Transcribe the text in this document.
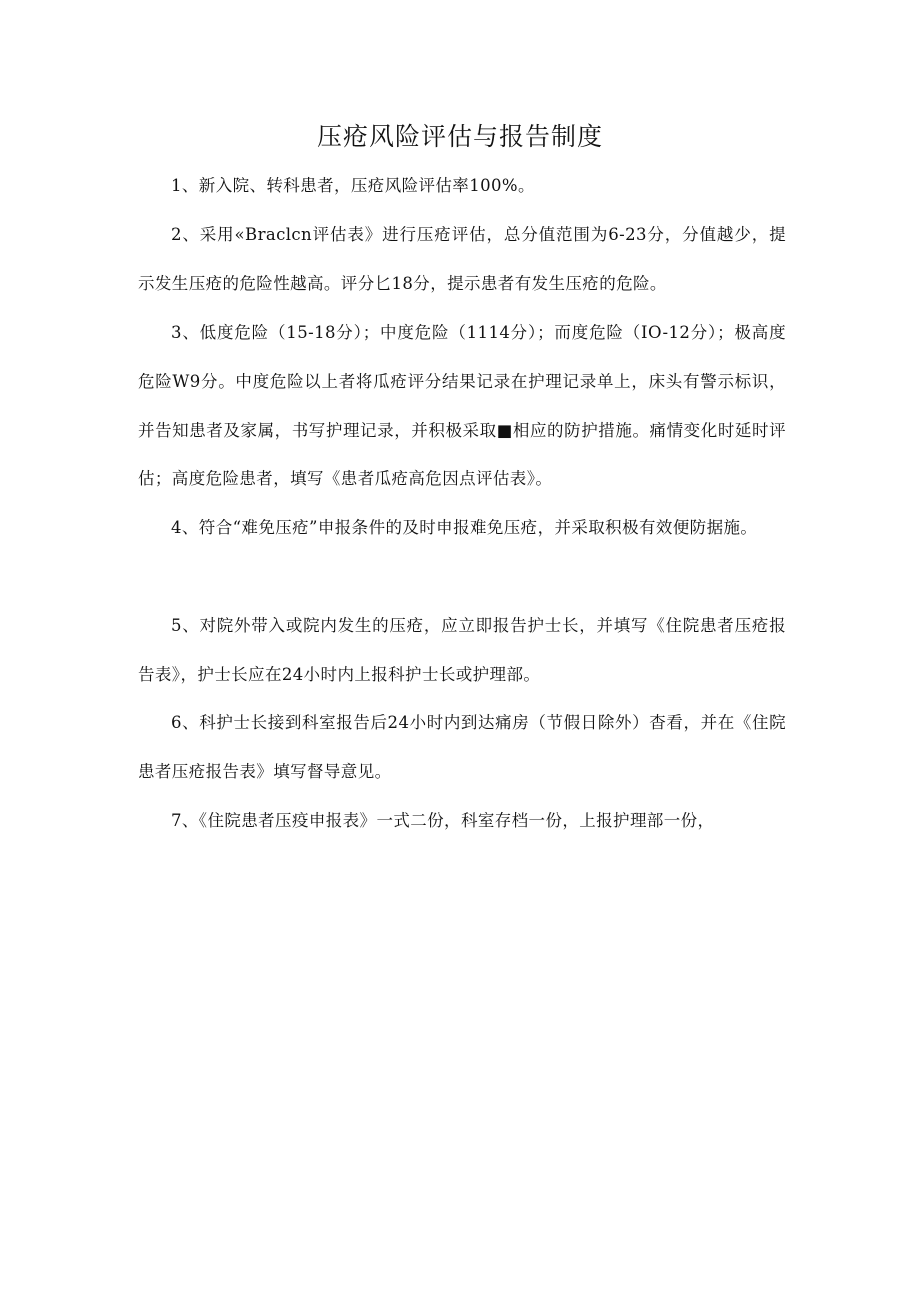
压疮风险评估与报告制度

1、新入院、转科患者，压疮风险评估率100%。

2、采用«Braclcn评估表》进行压疮评估，总分值范围为6-23分，分值越少，提示发生压疮的危险性越高。评分匕18分，提示患者有发生压疮的危险。

3、低度危险（15-18分）；中度危险（1114分）；而度危险（IO-12分）；极高度危险W9分。中度危险以上者将瓜疮评分结果记录在护理记录单上，床头有警示标识，并告知患者及家属，书写护理记录，并积极采取■相应的防护措施。痛情变化时延时评估；高度危险患者，填写《患者瓜疮高危因点评估表》。

4、符合“难免压疮”申报条件的及时申报难免压疮，并采取积极有效便防据施。

5、对院外带入或院内发生的压疮，应立即报告护士长，并填写《住院患者压疮报告表》，护士长应在24小时内上报科护士长或护理部。

6、科护士长接到科室报告后24小时内到达痛房（节假日除外）杳看，并在《住院患者压疮报告表》填写督导意见。

7、《住院患者压疫申报表》一式二份，科室存档一份，上报护理部一份，
